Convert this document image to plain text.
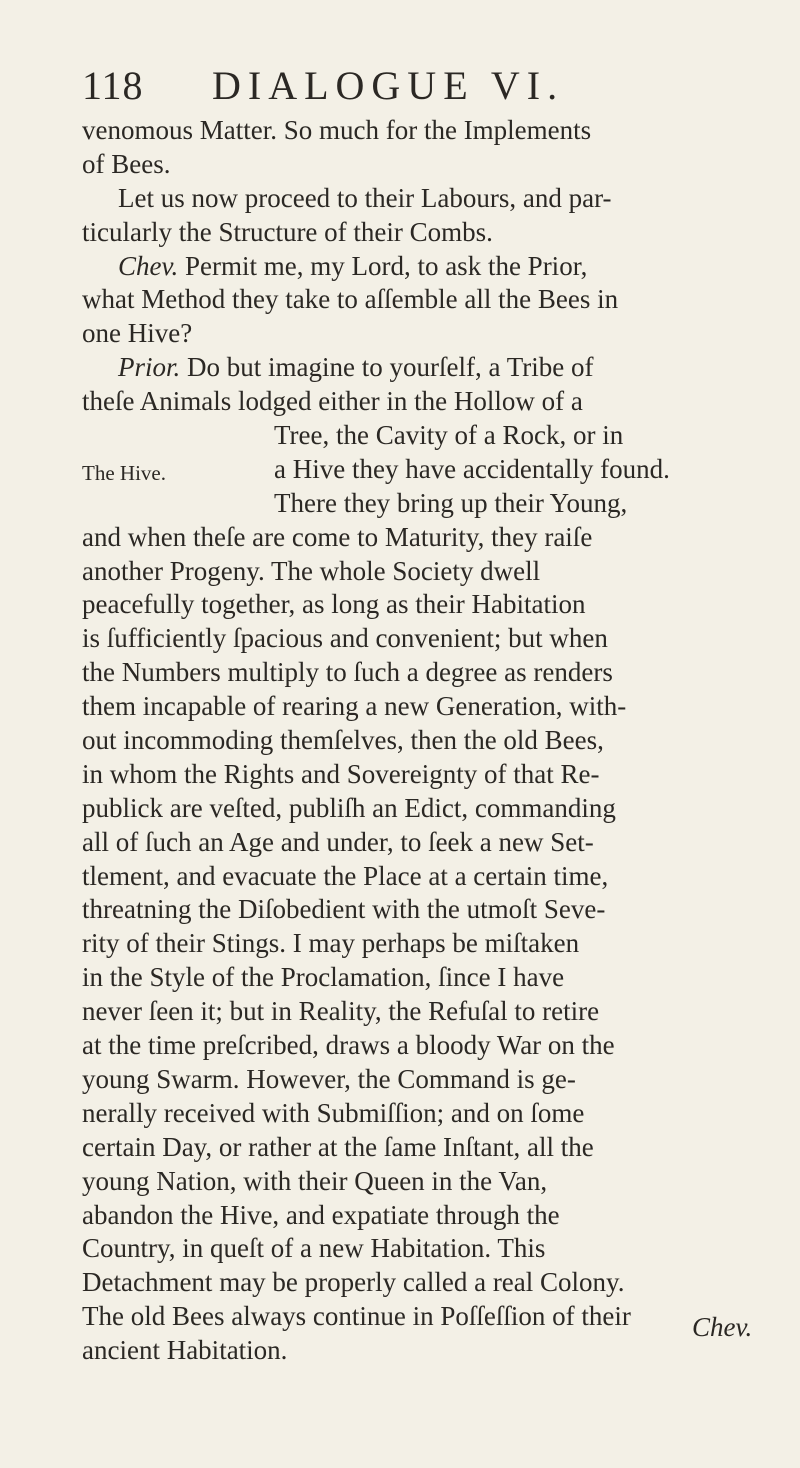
118 DIALOGUE VI.
venomous Matter. So much for the Implements
of Bees.
Let us now proceed to their Labours, and par-
ticularly the Structure of their Combs.
Chev. Permit me, my Lord, to ask the Prior,
what Method they take to aſſemble all the Bees in
one Hive?
Prior. Do but imagine to yourſelf, a Tribe of
theſe Animals lodged either in the Hollow of a
Tree, the Cavity of a Rock, or in
The Hive.	a Hive they have accidentally found.
There they bring up their Young,
and when theſe are come to Maturity, they raiſe
another Progeny. The whole Society dwell
peacefully together, as long as their Habitation
is ſufficiently ſpacious and convenient; but when
the Numbers multiply to ſuch a degree as renders
them incapable of rearing a new Generation, with-
out incommoding themſelves, then the old Bees,
in whom the Rights and Sovereignty of that Re-
publick are veſted, publiſh an Edict, commanding
all of ſuch an Age and under, to ſeek a new Set-
tlement, and evacuate the Place at a certain time,
threatning the Diſobedient with the utmoſt Seve-
rity of their Stings. I may perhaps be miſtaken
in the Style of the Proclamation, ſince I have
never ſeen it; but in Reality, the Refuſal to retire
at the time preſcribed, draws a bloody War on the
young Swarm. However, the Command is ge-
nerally received with Submiſſion; and on ſome
certain Day, or rather at the ſame Inſtant, all the
young Nation, with their Queen in the Van,
abandon the Hive, and expatiate through the
Country, in queſt of a new Habitation. This
Detachment may be properly called a real Colony.
The old Bees always continue in Poſſeſſion of their
ancient Habitation.
Chev.
